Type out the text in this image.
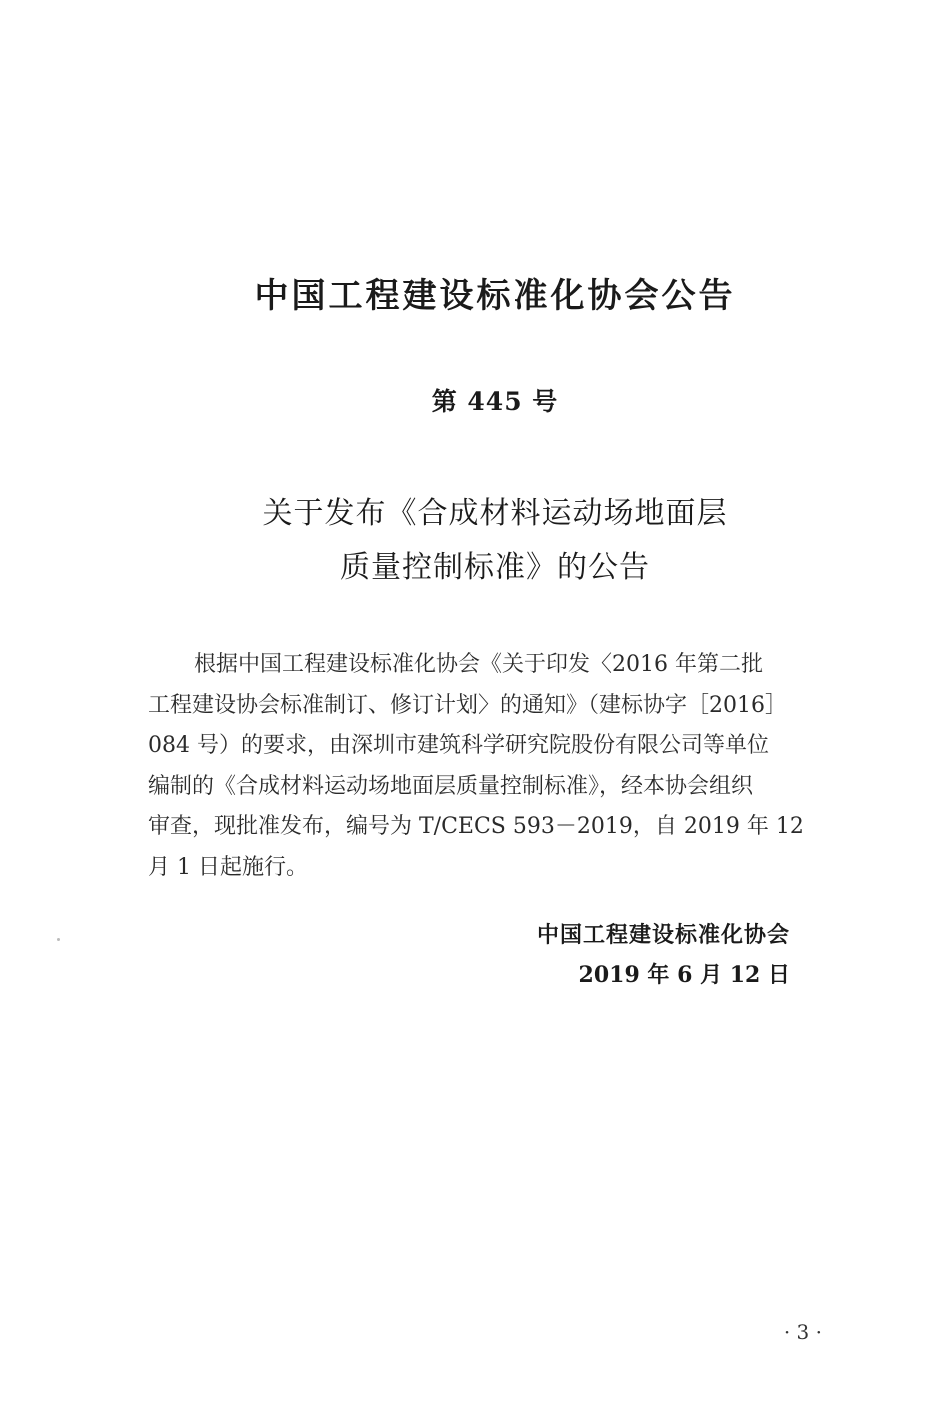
中国工程建设标准化协会公告
第 445 号
关于发布《合成材料运动场地面层
质量控制标准》的公告
根据中国工程建设标准化协会《关于印发〈2016 年第二批
工程建设协会标准制订、修订计划〉的通知》（建标协字［2016］
084 号）的要求，由深圳市建筑科学研究院股份有限公司等单位
编制的《合成材料运动场地面层质量控制标准》，经本协会组织
审查，现批准发布，编号为 T/CECS 593－2019，自 2019 年 12
月 1 日起施行。
中国工程建设标准化协会
2019 年 6 月 12 日
· 3 ·
